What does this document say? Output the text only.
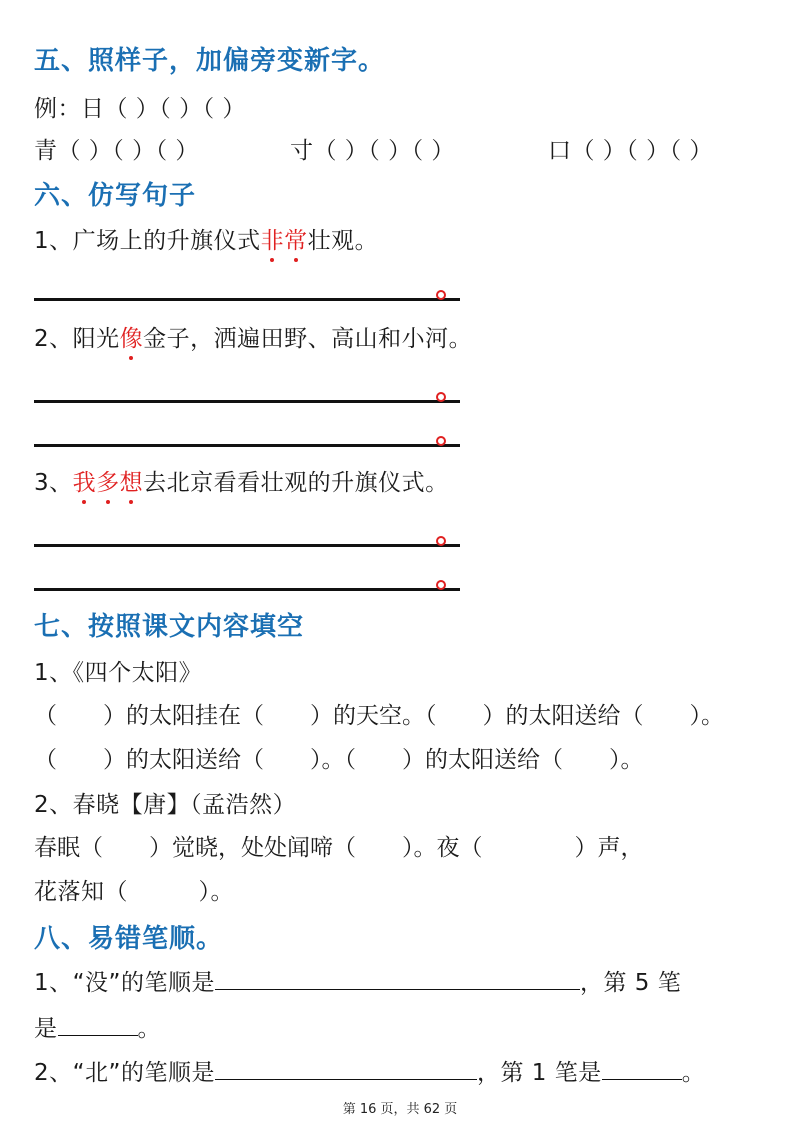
五、照样子，加偏旁变新字。
例：日（ ）（ ）（ ）
青（ ）（ ）（ ）	寸（ ）（ ）（ ）	口（ ）（ ）（ ）
六、仿写句子
1、广场上的升旗仪式非常壮观。
2、阳光像金子，洒遍田野、高山和小河。
3、我多想去北京看看壮观的升旗仪式。
七、按照课文内容填空
1、《四个太阳》
（　　）的太阳挂在（　　）的天空。（　　）的太阳送给（　　）。
（　　）的太阳送给（　　）。（　　）的太阳送给（　　）。
2、春晓【唐】（孟浩然）
春眠（　　）觉晓，处处闻啼（　　）。夜（　　　　）声，
花落知（　　　）。
八、易错笔顺。
1、“没”的笔顺是	，第 5 笔
是	。
2、“北”的笔顺是	，第 1 笔是	。
第 16 页，共 62 页
